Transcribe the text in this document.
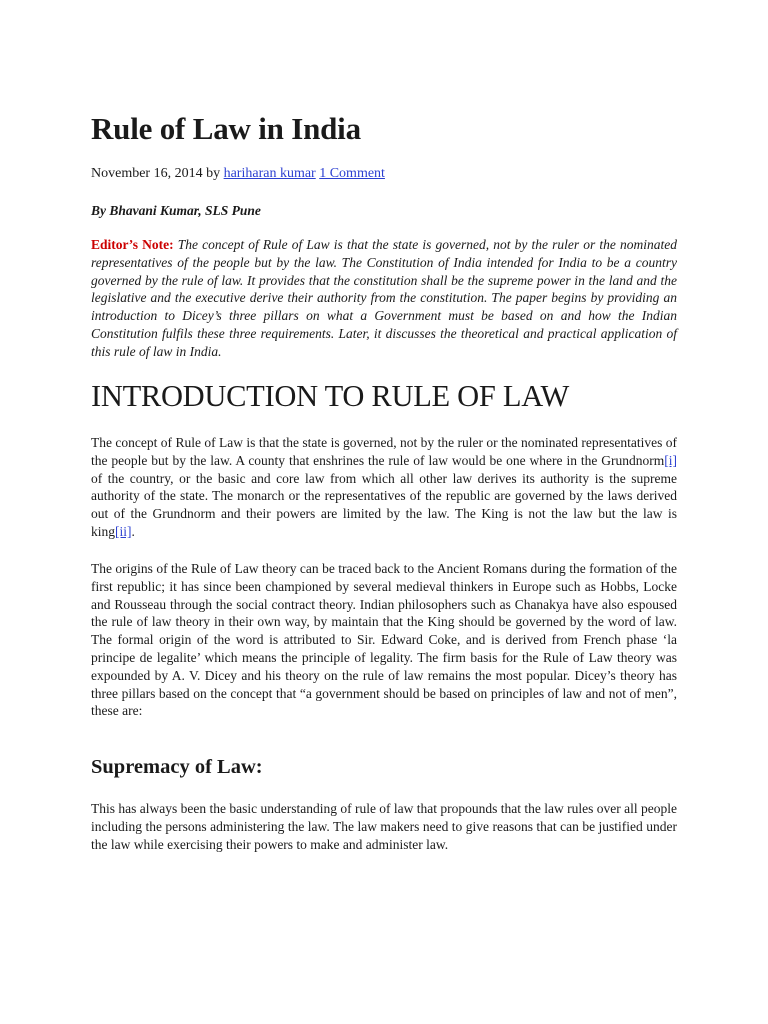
Rule of Law in India
November 16, 2014 by hariharan kumar 1 Comment
By Bhavani Kumar, SLS Pune

Editor’s Note: The concept of Rule of Law is that the state is governed, not by the ruler or the nominated representatives of the people but by the law. The Constitution of India intended for India to be a country governed by the rule of law. It provides that the constitution shall be the supreme power in the land and the legislative and the executive derive their authority from the constitution. The paper begins by providing an introduction to Dicey’s three pillars on what a Government must be based on and how the Indian Constitution fulfils these three requirements. Later, it discusses the theoretical and practical application of this rule of law in India.

INTRODUCTION TO RULE OF LAW

The concept of Rule of Law is that the state is governed, not by the ruler or the nominated representatives of the people but by the law. A county that enshrines the rule of law would be one where in the Grundnorm[i] of the country, or the basic and core law from which all other law derives its authority is the supreme authority of the state. The monarch or the representatives of the republic are governed by the laws derived out of the Grundnorm and their powers are limited by the law. The King is not the law but the law is king[ii].

The origins of the Rule of Law theory can be traced back to the Ancient Romans during the formation of the first republic; it has since been championed by several medieval thinkers in Europe such as Hobbs, Locke and Rousseau through the social contract theory. Indian philosophers such as Chanakya have also espoused the rule of law theory in their own way, by maintain that the King should be governed by the word of law. The formal origin of the word is attributed to Sir. Edward Coke, and is derived from French phase ‘la principe de legalite’ which means the principle of legality. The firm basis for the Rule of Law theory was expounded by A. V. Dicey and his theory on the rule of law remains the most popular. Dicey’s theory has three pillars based on the concept that “a government should be based on principles of law and not of men”, these are:

Supremacy of Law:

This has always been the basic understanding of rule of law that propounds that the law rules over all people including the persons administering the law. The law makers need to give reasons that can be justified under the law while exercising their powers to make and administer law.
